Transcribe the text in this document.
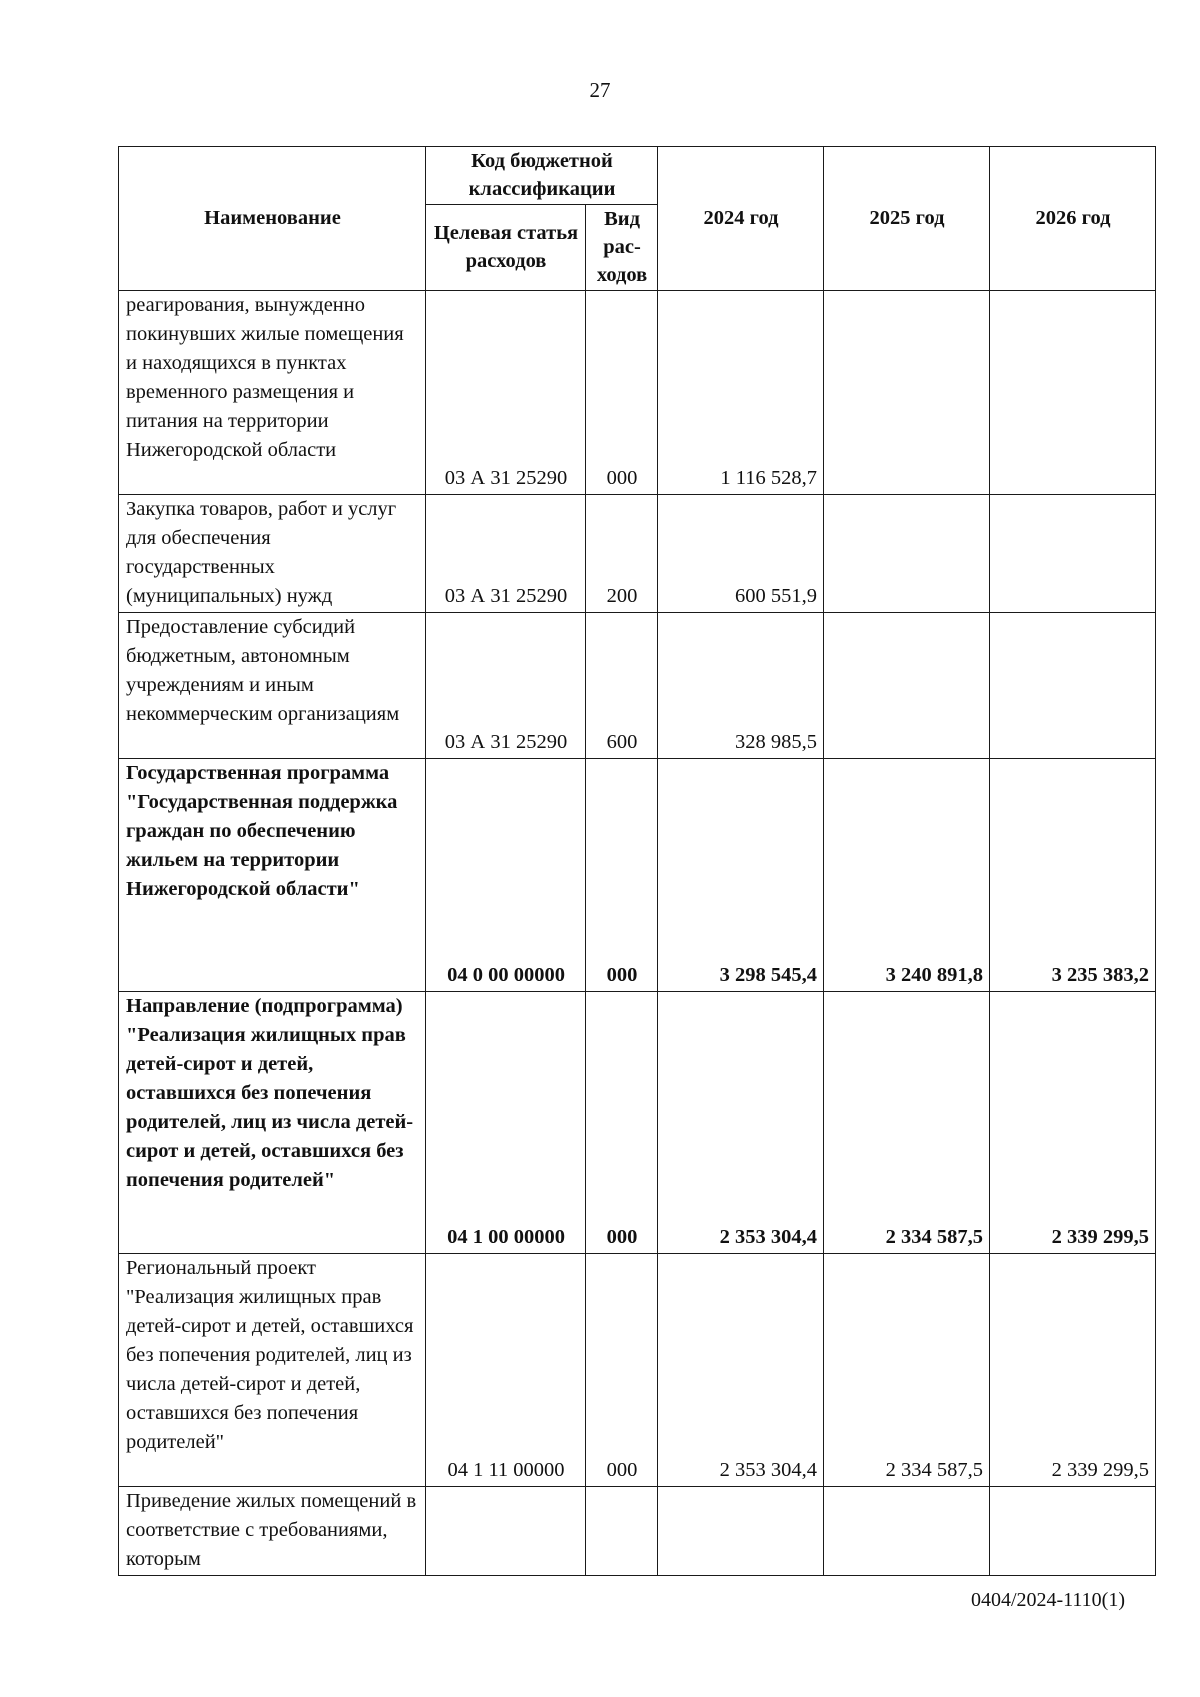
27
Наименование	Код бюджетной классификации		2024 год	2025 год	2026 год
	Целевая статья расходов	Вид рас-ходов			
реагирования, вынужденно покинувших жилые помещения и находящихся в пунктах временного размещения и питания на территории Нижегородской области	03 А 31 25290	000	1 116 528,7		
Закупка товаров, работ и услуг для обеспечения государственных (муниципальных) нужд	03 А 31 25290	200	600 551,9		
Предоставление субсидий бюджетным, автономным учреждениям и иным некоммерческим организациям	03 А 31 25290	600	328 985,5		
Государственная программа "Государственная поддержка граждан по обеспечению жильем на территории Нижегородской области"	04 0 00 00000	000	3 298 545,4	3 240 891,8	3 235 383,2
Направление (подпрограмма) "Реализация жилищных прав детей-сирот и детей, оставшихся без попечения родителей, лиц из числа детей-сирот и детей, оставшихся без попечения родителей"	04 1 00 00000	000	2 353 304,4	2 334 587,5	2 339 299,5
Региональный проект "Реализация жилищных прав детей-сирот и детей, оставшихся без попечения родителей, лиц из числа детей-сирот и детей, оставшихся без попечения родителей"	04 1 11 00000	000	2 353 304,4	2 334 587,5	2 339 299,5
Приведение жилых помещений в соответствие с требованиями, которым					
0404/2024-1110(1)
